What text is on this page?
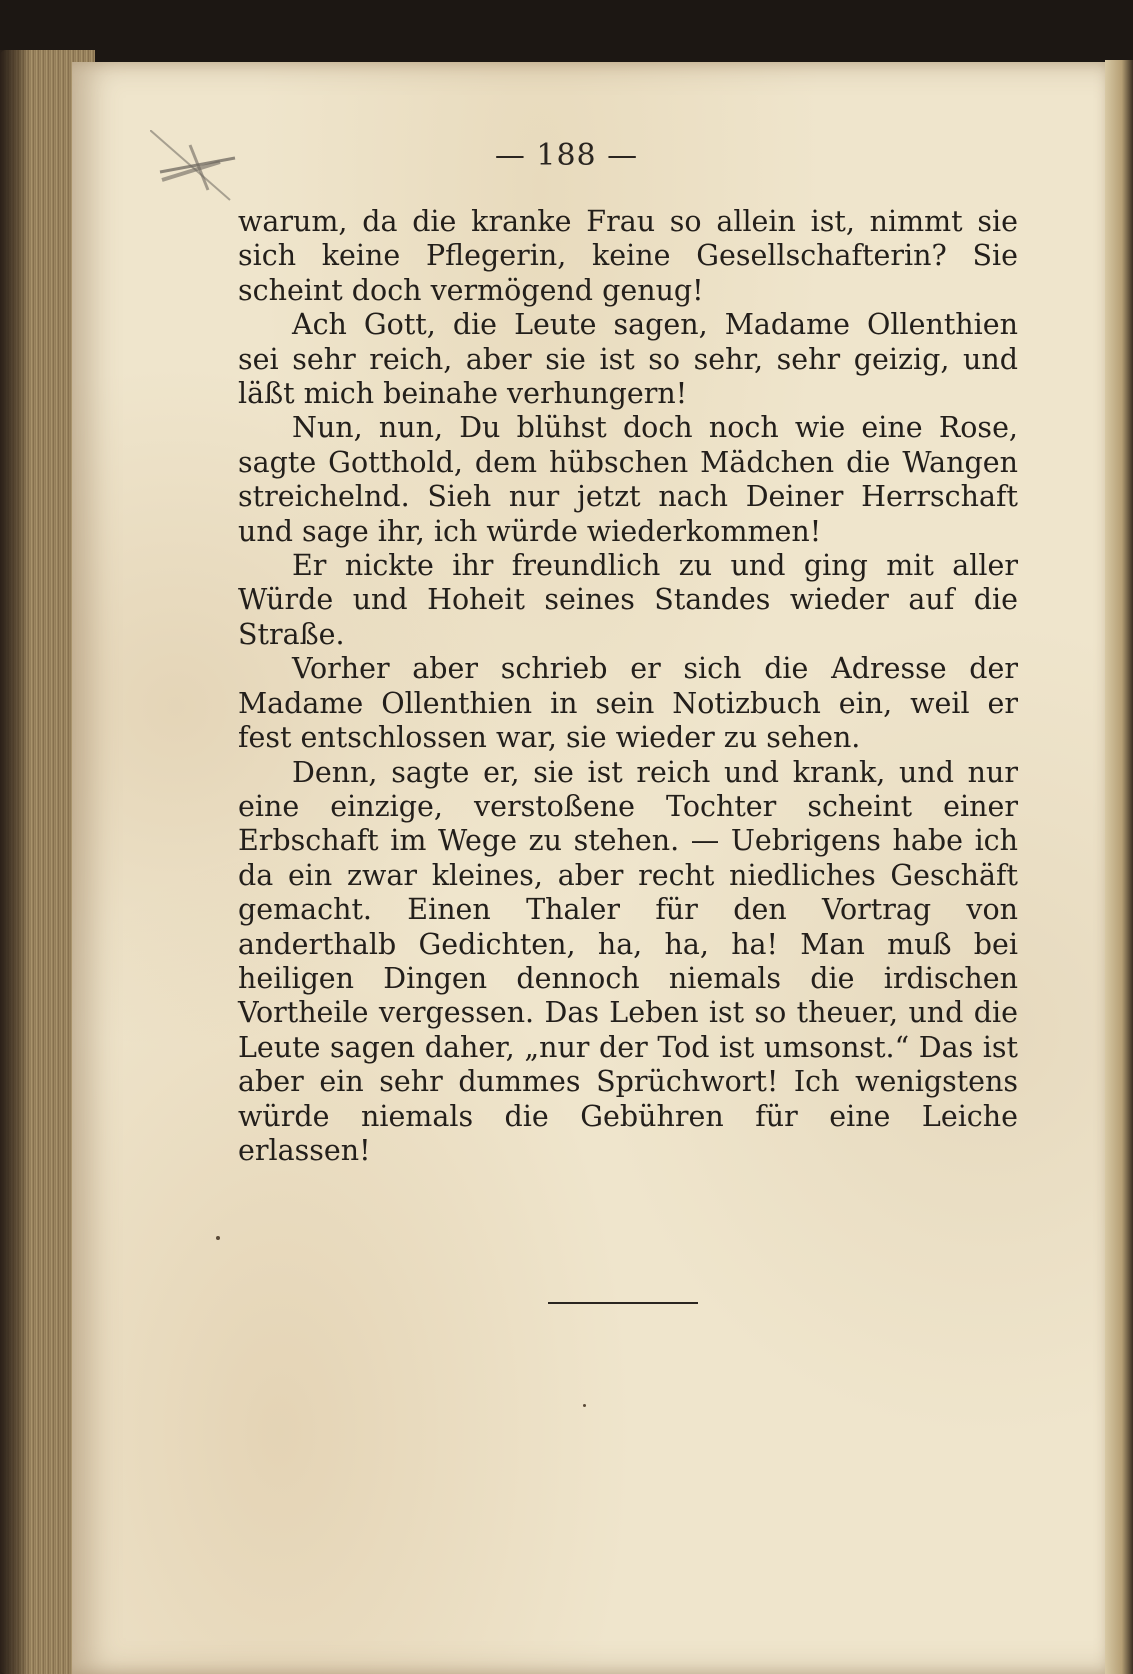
— 188 —

warum, da die kranke Frau so allein ist, nimmt sie sich keine Pflegerin, keine Gesellschafterin? Sie scheint doch vermögend genug!

Ach Gott, die Leute sagen, Madame Ollenthien sei sehr reich, aber sie ist so sehr, sehr geizig, und läßt mich beinahe verhungern!

Nun, nun, Du blühst doch noch wie eine Rose, sagte Gotthold, dem hübschen Mädchen die Wangen streichelnd. Sieh nur jetzt nach Deiner Herrschaft und sage ihr, ich würde wiederkommen!

Er nickte ihr freundlich zu und ging mit aller Würde und Hoheit seines Standes wieder auf die Straße.

Vorher aber schrieb er sich die Adresse der Madame Ollenthien in sein Notizbuch ein, weil er fest entschlossen war, sie wieder zu sehen.

Denn, sagte er, sie ist reich und krank, und nur eine einzige, verstoßene Tochter scheint einer Erbschaft im Wege zu stehen. — Uebrigens habe ich da ein zwar kleines, aber recht niedliches Geschäft gemacht. Einen Thaler für den Vortrag von anderthalb Gedichten, ha, ha, ha! Man muß bei heiligen Dingen dennoch niemals die irdischen Vortheile vergessen. Das Leben ist so theuer, und die Leute sagen daher, „nur der Tod ist umsonst.“ Das ist aber ein sehr dummes Sprüchwort! Ich wenigstens würde niemals die Gebühren für eine Leiche erlassen!
